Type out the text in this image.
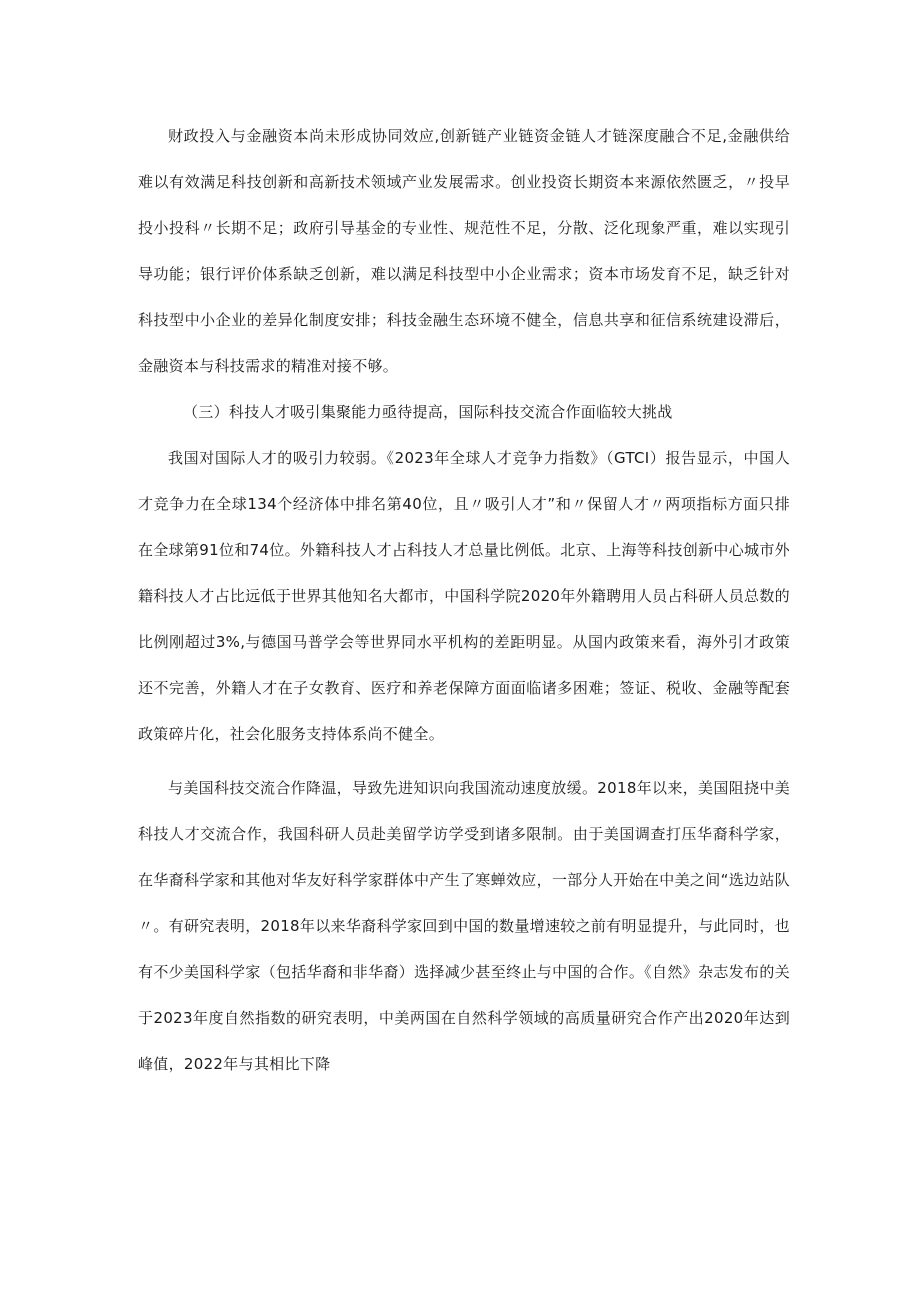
财政投入与金融资本尚未形成协同效应,创新链产业链资金链人才链深度融合不足,金融供给难以有效满足科技创新和高新技术领域产业发展需求。创业投资长期资本来源依然匮乏，〃投早投小投科〃长期不足；政府引导基金的专业性、规范性不足，分散、泛化现象严重，难以实现引导功能；银行评价体系缺乏创新，难以满足科技型中小企业需求；资本市场发育不足，缺乏针对科技型中小企业的差异化制度安排；科技金融生态环境不健全，信息共享和征信系统建设滞后，金融资本与科技需求的精准对接不够。

（三）科技人才吸引集聚能力亟待提高，国际科技交流合作面临较大挑战

我国对国际人才的吸引力较弱。《2023年全球人才竞争力指数》（GTCI）报告显示，中国人才竞争力在全球134个经济体中排名第40位，且〃吸引人才”和〃保留人才〃两项指标方面只排在全球第91位和74位。外籍科技人才占科技人才总量比例低。北京、上海等科技创新中心城市外籍科技人才占比远低于世界其他知名大都市，中国科学院2020年外籍聘用人员占科研人员总数的比例刚超过3%,与德国马普学会等世界同水平机构的差距明显。从国内政策来看，海外引才政策还不完善，外籍人才在子女教育、医疗和养老保障方面面临诸多困难；签证、税收、金融等配套政策碎片化，社会化服务支持体系尚不健全。

与美国科技交流合作降温，导致先进知识向我国流动速度放缓。2018年以来，美国阻挠中美科技人才交流合作，我国科研人员赴美留学访学受到诸多限制。由于美国调查打压华裔科学家，在华裔科学家和其他对华友好科学家群体中产生了寒蝉效应，一部分人开始在中美之间“选边站队〃。有研究表明，2018年以来华裔科学家回到中国的数量增速较之前有明显提升，与此同时，也有不少美国科学家（包括华裔和非华裔）选择减少甚至终止与中国的合作。《自然》杂志发布的关于2023年度自然指数的研究表明，中美两国在自然科学领域的高质量研究合作产出2020年达到峰值，2022年与其相比下降
